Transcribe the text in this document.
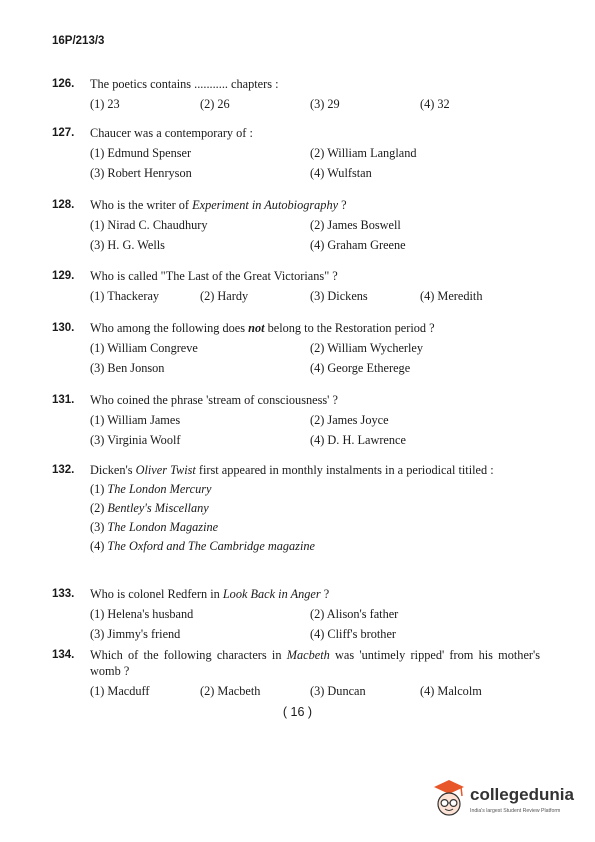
16P/213/3
126.	The poetics contains ........... chapters :
(1) 23	(2) 26	(3) 29	(4) 32
127.	Chaucer was a contemporary of :
(1) Edmund Spenser	(2) William Langland
(3) Robert Henryson	(4) Wulfstan
128.	Who is the writer of Experiment in Autobiography ?
(1) Nirad C. Chaudhury	(2) James Boswell
(3) H. G. Wells	(4) Graham Greene
129.	Who is called "The Last of the Great Victorians" ?
(1) Thackeray	(2) Hardy	(3) Dickens	(4) Meredith
130.	Who among the following does not belong to the Restoration period ?
(1) William Congreve	(2) William Wycherley
(3) Ben Jonson	(4) George Etherege
131.	Who coined the phrase 'stream of consciousness' ?
(1) William James	(2) James Joyce
(3) Virginia Woolf	(4) D. H. Lawrence
132.	Dicken's Oliver Twist first appeared in monthly instalments in a periodical titiled :
(1) The London Mercury
(2) Bentley's Miscellany
(3) The London Magazine
(4) The Oxford and The Cambridge magazine
133.	Who is colonel Redfern in Look Back in Anger ?
(1) Helena's husband	(2) Alison's father
(3) Jimmy's friend	(4) Cliff's brother
134.	Which of the following characters in Macbeth was 'untimely ripped' from his mother's womb ?
(1) Macduff	(2) Macbeth	(3) Duncan	(4) Malcolm
( 16 )
collegedunia
India's largest Student Review Platform
